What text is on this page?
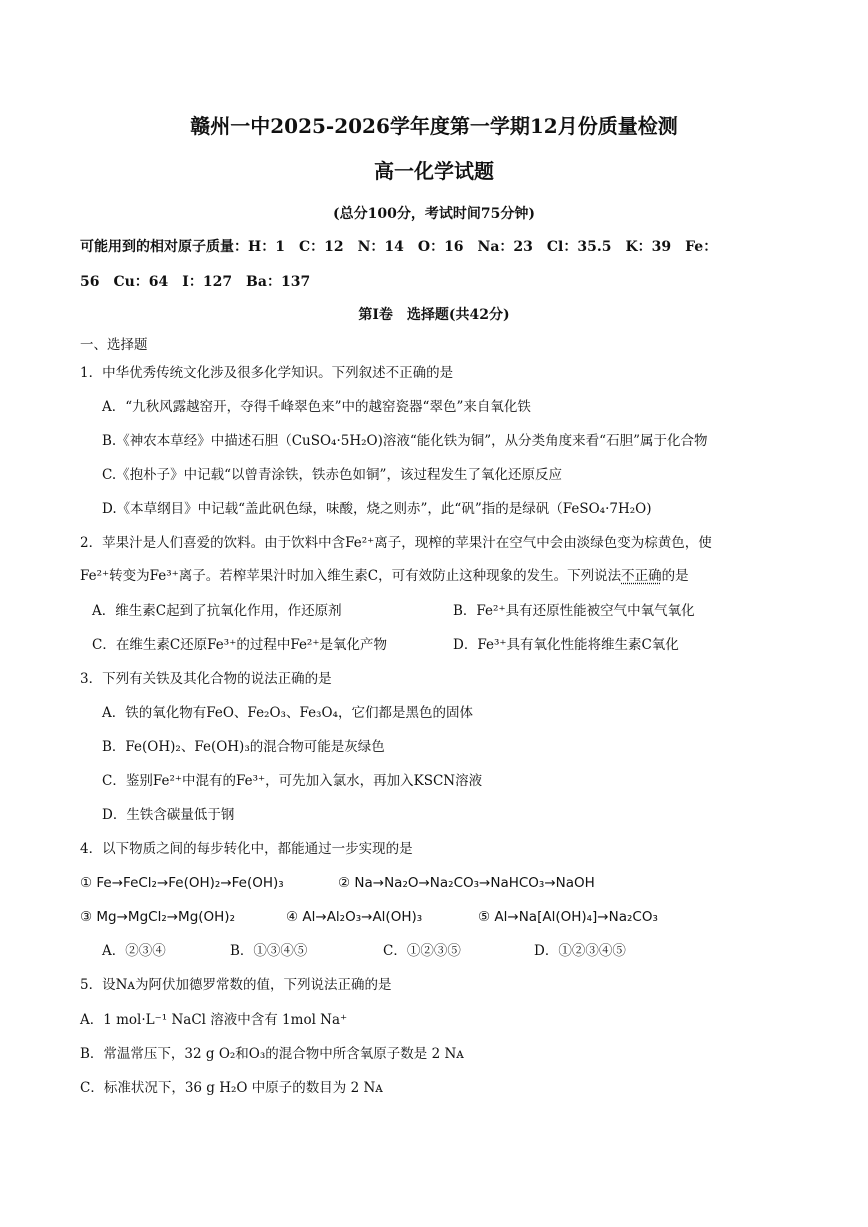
赣州一中2025-2026学年度第一学期12月份质量检测
高一化学试题
(总分100分，考试时间75分钟)
可能用到的相对原子质量：H：1　C：12　N：14　O：16　Na：23　Cl：35.5　K：39　Fe：
56　Cu：64　I：127　Ba：137
第Ⅰ卷　选择题(共42分)
一、选择题
1．中华优秀传统文化涉及很多化学知识。下列叙述不正确的是
A．“九秋风露越窑开，夺得千峰翠色来”中的越窑瓷器“翠色”来自氧化铁
B.《神农本草经》中描述石胆（CuSO₄·5H₂O)溶液“能化铁为铜”，从分类角度来看“石胆”属于化合物
C.《抱朴子》中记载“以曾青涂铁，铁赤色如铜”，该过程发生了氧化还原反应
D.《本草纲目》中记载“盖此矾色绿，味酸，烧之则赤”，此“矾”指的是绿矾（FeSO₄·7H₂O)
2．苹果汁是人们喜爱的饮料。由于饮料中含Fe²⁺离子，现榨的苹果汁在空气中会由淡绿色变为棕黄色，使
Fe²⁺转变为Fe³⁺离子。若榨苹果汁时加入维生素C，可有效防止这种现象的发生。下列说法不正确的是
A．维生素C起到了抗氧化作用，作还原剂	B．Fe²⁺具有还原性能被空气中氧气氧化
C．在维生素C还原Fe³⁺的过程中Fe²⁺是氧化产物	D．Fe³⁺具有氧化性能将维生素C氧化
3．下列有关铁及其化合物的说法正确的是
A．铁的氧化物有FeO、Fe₂O₃、Fe₃O₄，它们都是黑色的固体
B．Fe(OH)₂、Fe(OH)₃的混合物可能是灰绿色
C．鉴别Fe²⁺中混有的Fe³⁺，可先加入氯水，再加入KSCN溶液
D．生铁含碳量低于钢
4．以下物质之间的每步转化中，都能通过一步实现的是
① Fe→FeCl₂→Fe(OH)₂→Fe(OH)₃	② Na→Na₂O→Na₂CO₃→NaHCO₃→NaOH
③ Mg→MgCl₂→Mg(OH)₂	④ Al→Al₂O₃→Al(OH)₃	⑤ Al→Na[Al(OH)₄]→Na₂CO₃
A．②③④	B．①③④⑤	C．①②③⑤	D．①②③④⑤
5．设Nᴀ为阿伏加德罗常数的值，下列说法正确的是
A．1 mol·L⁻¹ NaCl 溶液中含有 1mol Na⁺
B．常温常压下，32 g O₂和O₃的混合物中所含氧原子数是 2 Nᴀ
C．标准状况下，36 g H₂O 中原子的数目为 2 Nᴀ
